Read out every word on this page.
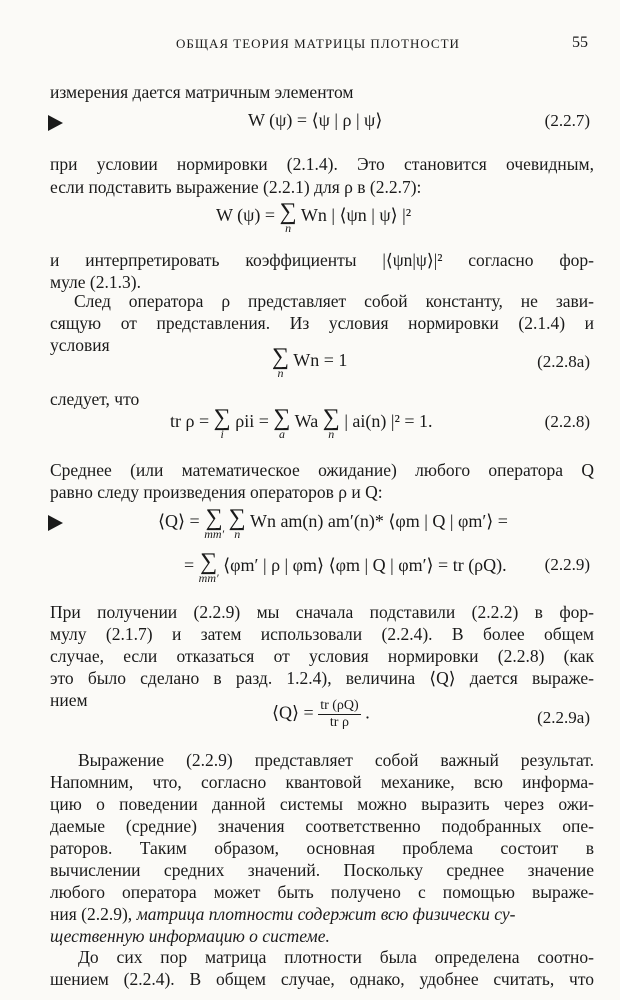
ОБЩАЯ ТЕОРИЯ МАТРИЦЫ ПЛОТНОСТИ	55
измерения дается матричным элементом
W (ψ) = ⟨ψ | ρ | ψ⟩	(2.2.7)
при условии нормировки (2.1.4). Это становится очевидным,
если подставить выражение (2.2.1) для ρ в (2.2.7):
W (ψ) = ∑
n
Wn | ⟨ψn | ψ⟩ |²
и интерпретировать коэффициенты |⟨ψn|ψ⟩|² согласно фор-
муле (2.1.3).
След оператора ρ представляет собой константу, не зави-
сящую от представления. Из условия нормировки (2.1.4) и
условия	∑
n
Wn = 1	(2.2.8a)
следует, что
tr ρ = ∑
i
ρii = ∑
a
Wa ∑
n
| ai(n) |² = 1.	(2.2.8)
Среднее (или математическое ожидание) любого оператора Q
равно следу произведения операторов ρ и Q:
⟨Q⟩ = ∑
mm′

∑
n
Wn am(n) am′(n)* ⟨φm | Q | φm′⟩ =
= ∑
mm′
⟨φm′ | ρ | φm⟩ ⟨φm | Q | φm′⟩ = tr (ρQ). (2.2.9)
При получении (2.2.9) мы сначала подставили (2.2.2) в фор-
мулу (2.1.7) и затем использовали (2.2.4). В более общем
случае, если отказаться от условия нормировки (2.2.8) (как
это было сделано в разд. 1.2.4), величина ⟨Q⟩ дается выраже-
нием
⟨Q⟩ = $\frac{tr (\rho Q)}{\text{tr ρ}}$ .	(2.2.9a)
Выражение (2.2.9) представляет собой важный результат.
Напомним, что, согласно квантовой механике, всю информа-
цию о поведении данной системы можно выразить через ожи-
даемые (средние) значения соответственно подобранных опе-
раторов. Таким образом, основная проблема состоит в
вычислении средних значений. Поскольку среднее значение
любого оператора может быть получено с помощью выраже-
ния (2.2.9), матрица плотности содержит всю физически су-
щественную информацию о системе.
До сих пор матрица плотности была определена соотно-
шением (2.2.4). В общем случае, однако, удобнее считать, что
